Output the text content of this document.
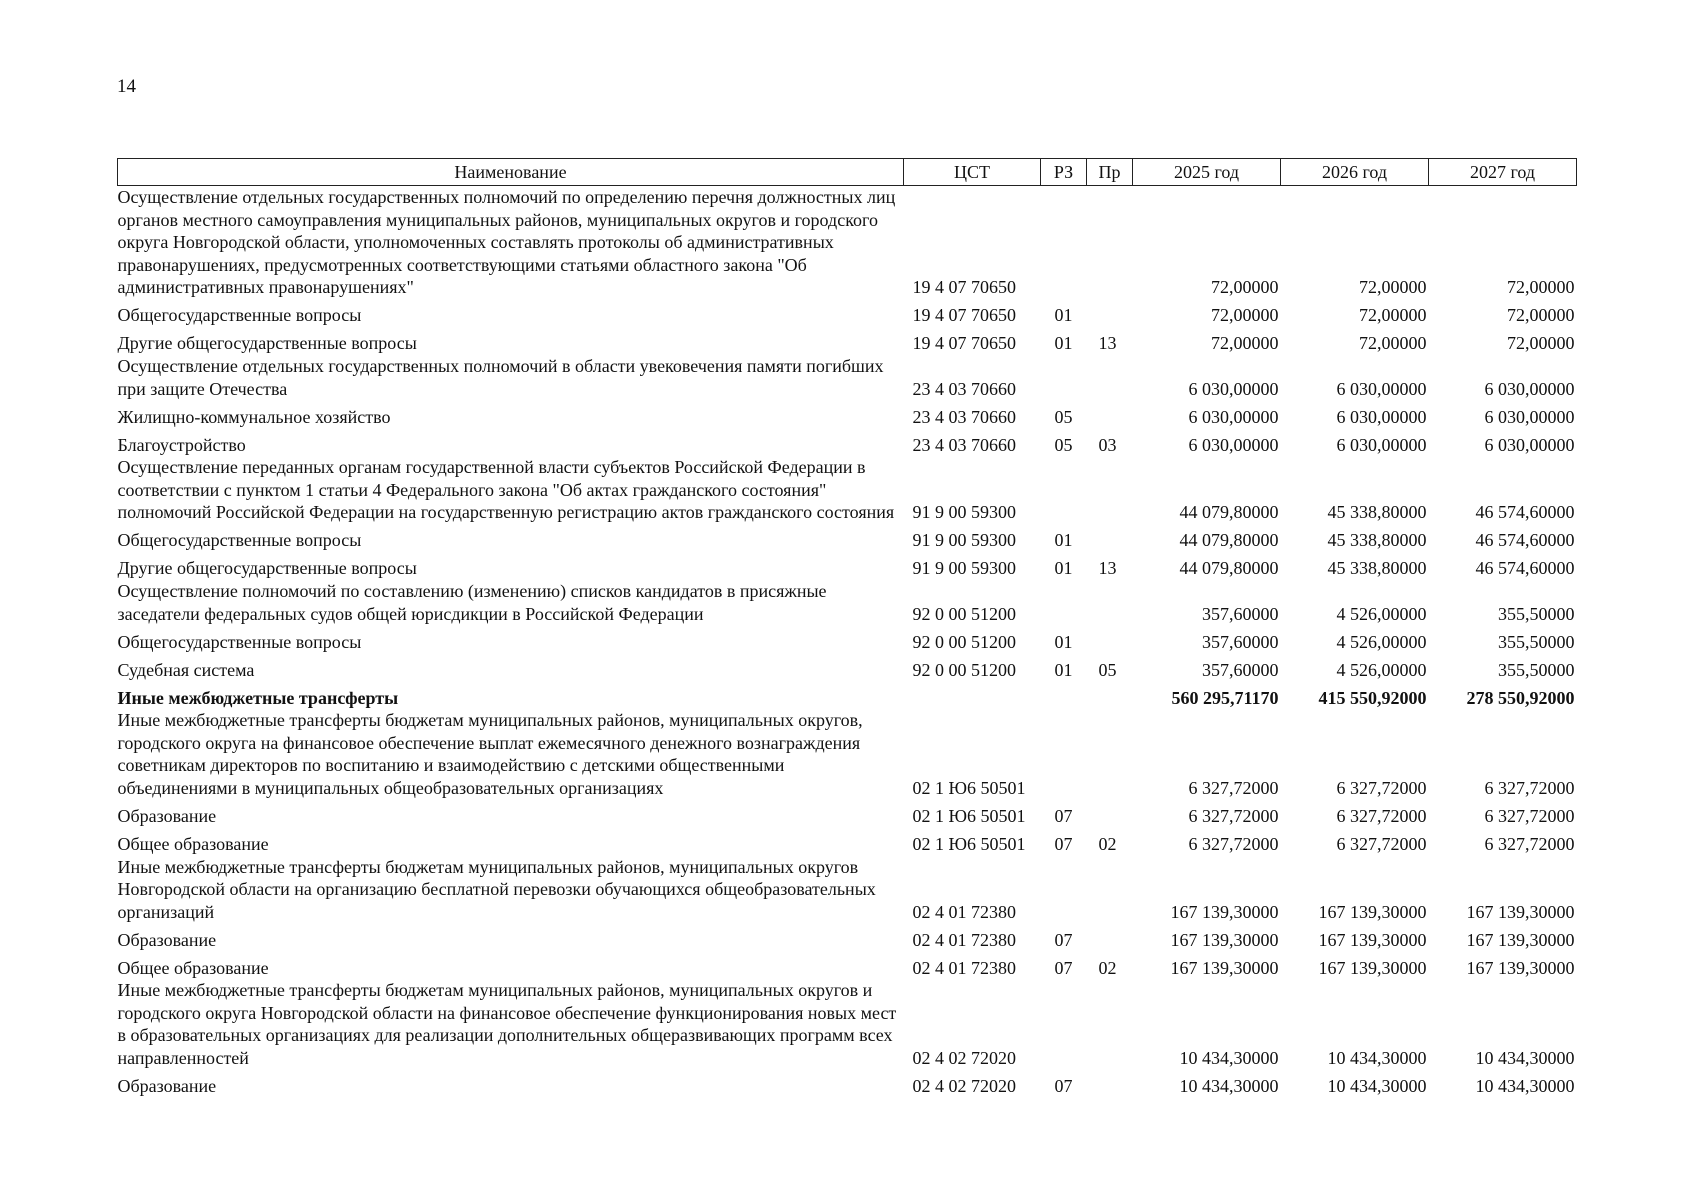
14
Наименование	ЦСТ	РЗ	Пр	2025 год	2026 год	2027 год
Осуществление отдельных государственных полномочий по определению перечня должностных лиц органов местного самоуправления муниципальных районов, муниципальных округов и городского округа Новгородской области, уполномоченных составлять протоколы об административных правонарушениях, предусмотренных соответствующими статьями областного закона "Об административных правонарушениях"	19 4 07 70650			72,00000	72,00000	72,00000
Общегосударственные вопросы	19 4 07 70650	01		72,00000	72,00000	72,00000
Другие общегосударственные вопросы	19 4 07 70650	01	13	72,00000	72,00000	72,00000
Осуществление отдельных государственных полномочий в области увековечения памяти погибших при защите Отечества	23 4 03 70660			6 030,00000	6 030,00000	6 030,00000
Жилищно-коммунальное хозяйство	23 4 03 70660	05		6 030,00000	6 030,00000	6 030,00000
Благоустройство	23 4 03 70660	05	03	6 030,00000	6 030,00000	6 030,00000
Осуществление переданных органам государственной власти субъектов Российской Федерации в соответствии с пунктом 1 статьи 4 Федерального закона "Об актах гражданского состояния" полномочий Российской Федерации на государственную регистрацию актов гражданского состояния	91 9 00 59300			44 079,80000	45 338,80000	46 574,60000
Общегосударственные вопросы	91 9 00 59300	01		44 079,80000	45 338,80000	46 574,60000
Другие общегосударственные вопросы	91 9 00 59300	01	13	44 079,80000	45 338,80000	46 574,60000
Осуществление полномочий по составлению (изменению) списков кандидатов в присяжные заседатели федеральных судов общей юрисдикции в Российской Федерации	92 0 00 51200			357,60000	4 526,00000	355,50000
Общегосударственные вопросы	92 0 00 51200	01		357,60000	4 526,00000	355,50000
Судебная система	92 0 00 51200	01	05	357,60000	4 526,00000	355,50000
Иные межбюджетные трансферты				560 295,71170	415 550,92000	278 550,92000
Иные межбюджетные трансферты бюджетам муниципальных районов, муниципальных округов, городского округа на финансовое обеспечение выплат ежемесячного денежного вознаграждения советникам директоров по воспитанию и взаимодействию с детскими общественными объединениями в муниципальных общеобразовательных организациях	02 1 Ю6 50501			6 327,72000	6 327,72000	6 327,72000
Образование	02 1 Ю6 50501	07		6 327,72000	6 327,72000	6 327,72000
Общее образование	02 1 Ю6 50501	07	02	6 327,72000	6 327,72000	6 327,72000
Иные межбюджетные трансферты бюджетам муниципальных районов, муниципальных округов Новгородской области на организацию бесплатной перевозки обучающихся общеобразовательных организаций	02 4 01 72380			167 139,30000	167 139,30000	167 139,30000
Образование	02 4 01 72380	07		167 139,30000	167 139,30000	167 139,30000
Общее образование	02 4 01 72380	07	02	167 139,30000	167 139,30000	167 139,30000
Иные межбюджетные трансферты бюджетам муниципальных районов, муниципальных округов и городского округа Новгородской области на финансовое обеспечение функционирования новых мест в образовательных организациях для реализации дополнительных общеразвивающих программ всех направленностей	02 4 02 72020			10 434,30000	10 434,30000	10 434,30000
Образование	02 4 02 72020	07		10 434,30000	10 434,30000	10 434,30000
